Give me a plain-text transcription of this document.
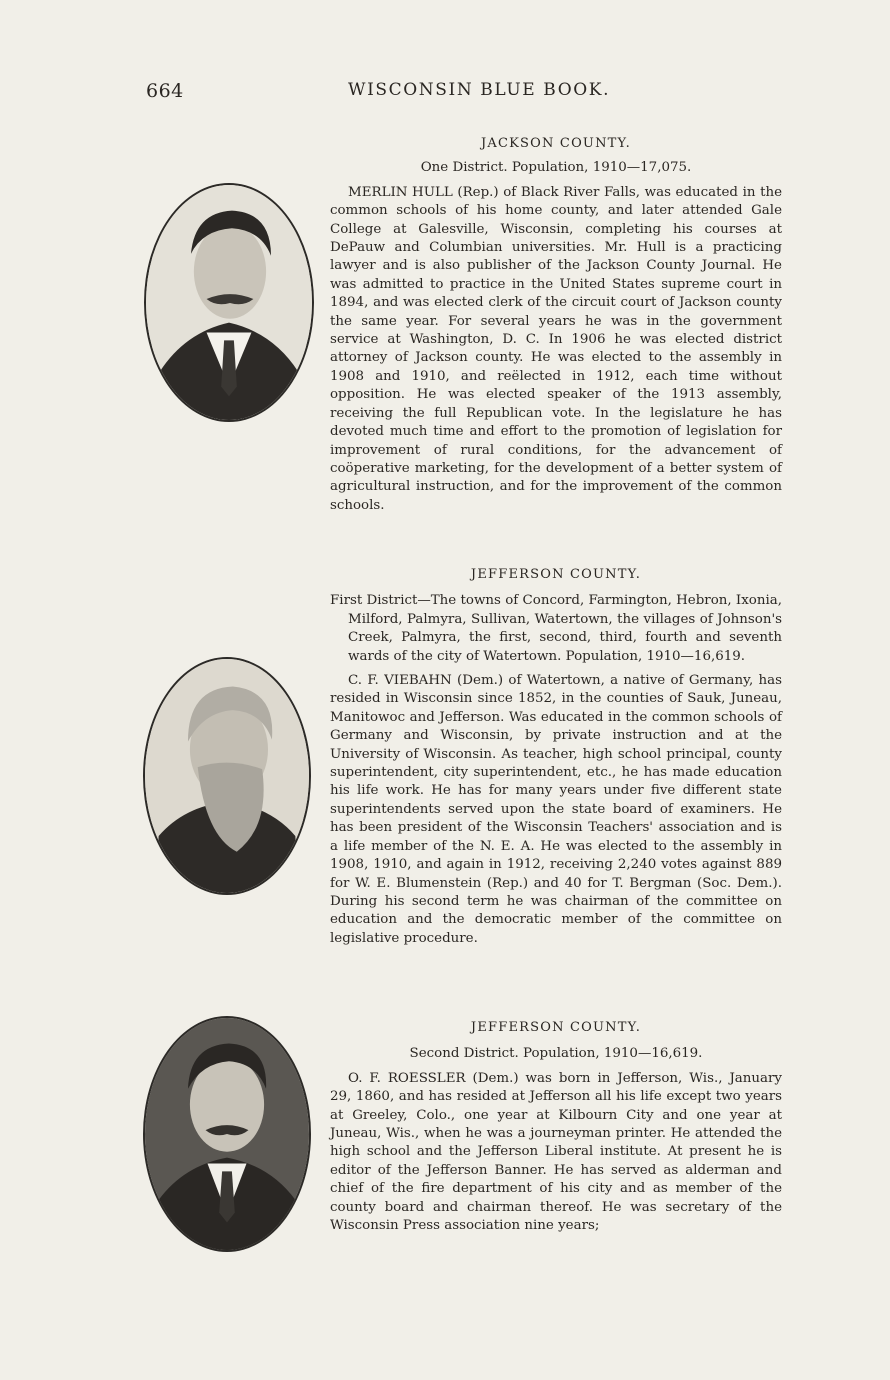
664	WISCONSIN BLUE BOOK.
JACKSON COUNTY.
One District. Population, 1910—17,075.

MERLIN HULL (Rep.) of Black River Falls, was educated in the common schools of his home county, and later attended Gale College at Galesville, Wisconsin, completing his courses at DePauw and Columbian universities. Mr. Hull is a practicing lawyer and is also publisher of the Jackson County Journal. He was admitted to practice in the United States supreme court in 1894, and was elected clerk of the circuit court of Jackson county the same year. For several years he was in the government service at Washington, D. C. In 1906 he was elected district attorney of Jackson county. He was elected to the assembly in 1908 and 1910, and reëlected in 1912, each time without opposition. He was elected speaker of the 1913 assembly, receiving the full Republican vote. In the legislature he has devoted much time and effort to the promotion of legislation for improvement of rural conditions, for the advancement of coöperative marketing, for the development of a better system of agricultural instruction, and for the improvement of the common schools.

JEFFERSON COUNTY.

First District—The towns of Concord, Farmington, Hebron, Ixonia, Milford, Palmyra, Sullivan, Watertown, the villages of Johnson's Creek, Palmyra, the first, second, third, fourth and seventh wards of the city of Watertown. Population, 1910—16,619.

C. F. VIEBAHN (Dem.) of Watertown, a native of Germany, has resided in Wisconsin since 1852, in the counties of Sauk, Juneau, Manitowoc and Jefferson. Was educated in the common schools of Germany and Wisconsin, by private instruction and at the University of Wisconsin. As teacher, high school principal, county superintendent, city superintendent, etc., he has made education his life work. He has for many years under five different state superintendents served upon the state board of examiners. He has been president of the Wisconsin Teachers' association and is a life member of the N. E. A. He was elected to the assembly in 1908, 1910, and again in 1912, receiving 2,240 votes against 889 for W. E. Blumenstein (Rep.) and 40 for T. Bergman (Soc. Dem.). During his second term he was chairman of the committee on education and the democratic member of the committee on legislative procedure.

JEFFERSON COUNTY.
Second District. Population, 1910—16,619.

O. F. ROESSLER (Dem.) was born in Jefferson, Wis., January 29, 1860, and has resided at Jefferson all his life except two years at Greeley, Colo., one year at Kilbourn City and one year at Juneau, Wis., when he was a journeyman printer. He attended the high school and the Jefferson Liberal institute. At present he is editor of the Jefferson Banner. He has served as alderman and chief of the fire department of his city and as member of the county board and chairman thereof. He was secretary of the Wisconsin Press association nine years;
